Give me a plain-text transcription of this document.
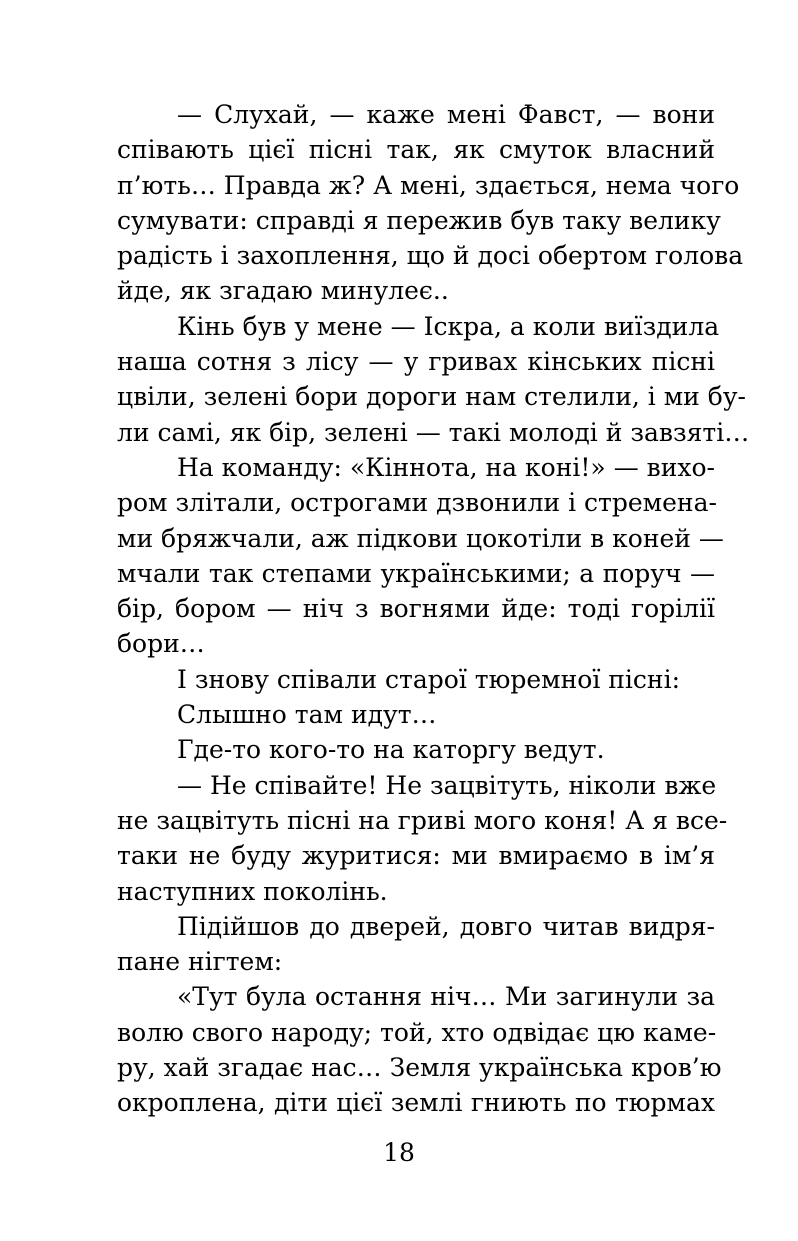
— Слухай, — каже мені Фавст, — вони
співають цієї пісні так, як смуток власний
п’ють… Правда ж? А мені, здається, нема чого
сумувати: справді я пережив був таку велику
радість і захоплення, що й досі обертом голова
йде, як згадаю минулеє..
Кінь був у мене — Іскра, а коли виїздила
наша сотня з лісу — у гривах кінських пісні
цвіли, зелені бори дороги нам стелили, і ми бу-
ли самі, як бір, зелені — такі молоді й завзяті…
На команду: «Кіннота, на коні!» — вихо-
ром злітали, острогами дзвонили і стремена-
ми бряжчали, аж підкови цокотіли в коней —
мчали так степами українськими; а поруч —
бір, бором — ніч з вогнями йде: тоді горілії
бори…
І знову співали старої тюремної пісні:
Слышно там идут…
Где-то кого-то на каторгу ведут.
— Не співайте! Не зацвітуть, ніколи вже
не зацвітуть пісні на гриві мого коня! А я все-
таки не буду журитися: ми вмираємо в ім’я
наступних поколінь.
Підійшов до дверей, довго читав видря-
пане нігтем:
«Тут була остання ніч… Ми загинули за
волю свого народу; той, хто одвідає цю каме-
ру, хай згадає нас… Земля українська кров’ю
окроплена, діти цієї землі гниють по тюрмах
18
